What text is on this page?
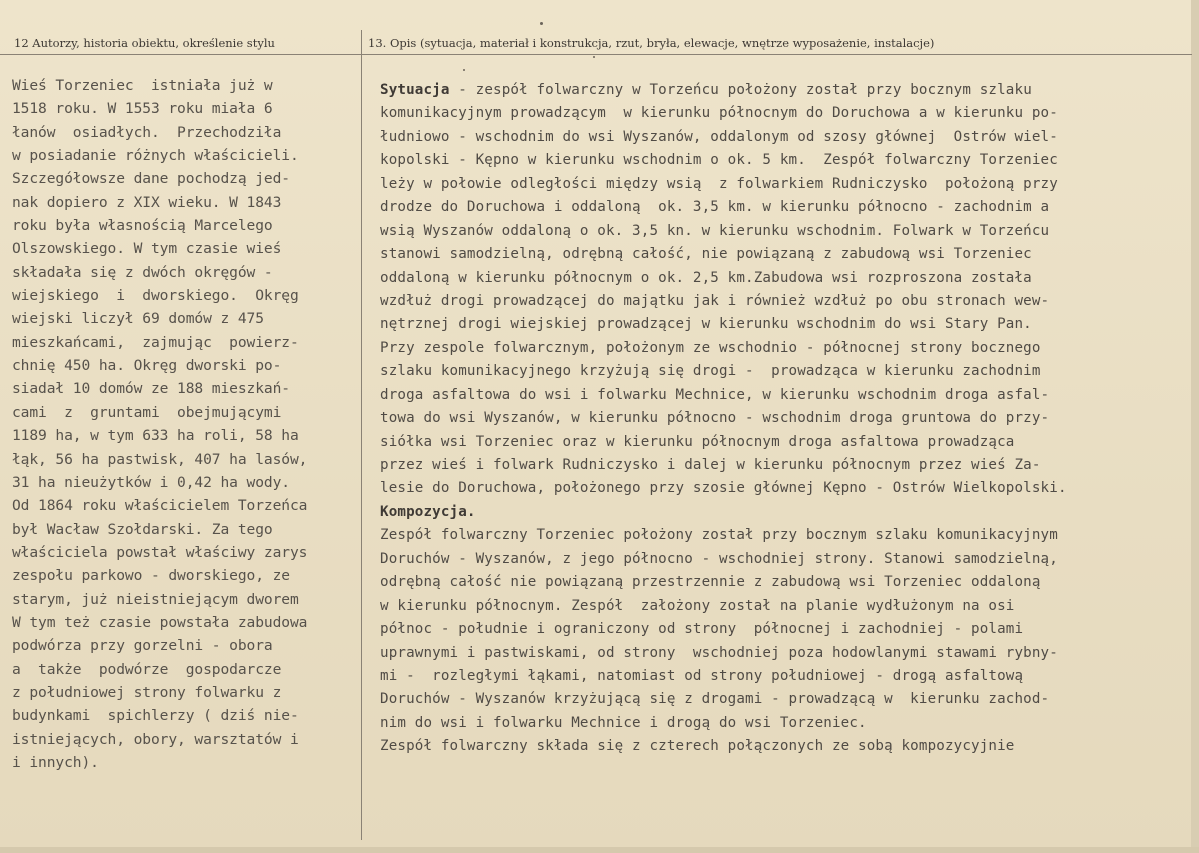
12 Autorzy, historia obiektu, określenie stylu	13. Opis (sytuacja, materiał i konstrukcja, rzut, bryła, elewacje, wnętrze wyposażenie, instalacje)
Wieś Torzeniec  istniała już w
1518 roku. W 1553 roku miała 6
łanów  osiadłych.  Przechodziła
w posiadanie różnych właścicieli.
Szczegółowsze dane pochodzą jed-
nak dopiero z XIX wieku. W 1843
roku była własnością Marcelego
Olszowskiego. W tym czasie wieś
składała się z dwóch okręgów -
wiejskiego  i  dworskiego.  Okręg
wiejski liczył 69 domów z 475
mieszkańcami,  zajmując  powierz-
chnię 450 ha. Okręg dworski po-
siadał 10 domów ze 188 mieszkań-
cami  z  gruntami  obejmującymi
1189 ha, w tym 633 ha roli, 58 ha
łąk, 56 ha pastwisk, 407 ha lasów,
31 ha nieużytków i 0,42 ha wody.
Od 1864 roku właścicielem Torzeńca
był Wacław Szołdarski. Za tego
właściciela powstał właściwy zarys
zespołu parkowo - dworskiego, ze
starym, już nieistniejącym dworem
W tym też czasie powstała zabudowa
podwórza przy gorzelni - obora
a  także  podwórze  gospodarcze
z południowej strony folwarku z
budynkami  spichlerzy ( dziś nie-
istniejących, obory, warsztatów i
i innych).
Sytuacja - zespół folwarczny w Torzeńcu położony został przy bocznym szlaku
komunikacyjnym prowadzącym  w kierunku północnym do Doruchowa a w kierunku po-
łudniowo - wschodnim do wsi Wyszanów, oddalonym od szosy głównej  Ostrów wiel-
kopolski - Kępno w kierunku wschodnim o ok. 5 km.  Zespół folwarczny Torzeniec
leży w połowie odległości między wsią  z folwarkiem Rudniczysko  położoną przy
drodze do Doruchowa i oddaloną  ok. 3,5 km. w kierunku północno - zachodnim a
wsią Wyszanów oddaloną o ok. 3,5 kn. w kierunku wschodnim. Folwark w Torzeńcu
stanowi samodzielną, odrębną całość, nie powiązaną z zabudową wsi Torzeniec
oddaloną w kierunku północnym o ok. 2,5 km.Zabudowa wsi rozproszona została
wzdłuż drogi prowadzącej do majątku jak i również wzdłuż po obu stronach wew-
nętrznej drogi wiejskiej prowadzącej w kierunku wschodnim do wsi Stary Pan.
Przy zespole folwarcznym, położonym ze wschodnio - północnej strony bocznego
szlaku komunikacyjnego krzyżują się drogi -  prowadząca w kierunku zachodnim
droga asfaltowa do wsi i folwarku Mechnice, w kierunku wschodnim droga asfal-
towa do wsi Wyszanów, w kierunku północno - wschodnim droga gruntowa do przy-
siółka wsi Torzeniec oraz w kierunku północnym droga asfaltowa prowadząca
przez wieś i folwark Rudniczysko i dalej w kierunku północnym przez wieś Za-
lesie do Doruchowa, położonego przy szosie głównej Kępno - Ostrów Wielkopolski.
Kompozycja.
Zespół folwarczny Torzeniec położony został przy bocznym szlaku komunikacyjnym
Doruchów - Wyszanów, z jego północno - wschodniej strony. Stanowi samodzielną,
odrębną całość nie powiązaną przestrzennie z zabudową wsi Torzeniec oddaloną
w kierunku północnym. Zespół  założony został na planie wydłużonym na osi
północ - południe i ograniczony od strony  północnej i zachodniej - polami
uprawnymi i pastwiskami, od strony  wschodniej poza hodowlanymi stawami rybny-
mi -  rozległymi łąkami, natomiast od strony południowej - drogą asfaltową
Doruchów - Wyszanów krzyżującą się z drogami - prowadzącą w  kierunku zachod-
nim do wsi i folwarku Mechnice i drogą do wsi Torzeniec.
Zespół folwarczny składa się z czterech połączonych ze sobą kompozycyjnie
